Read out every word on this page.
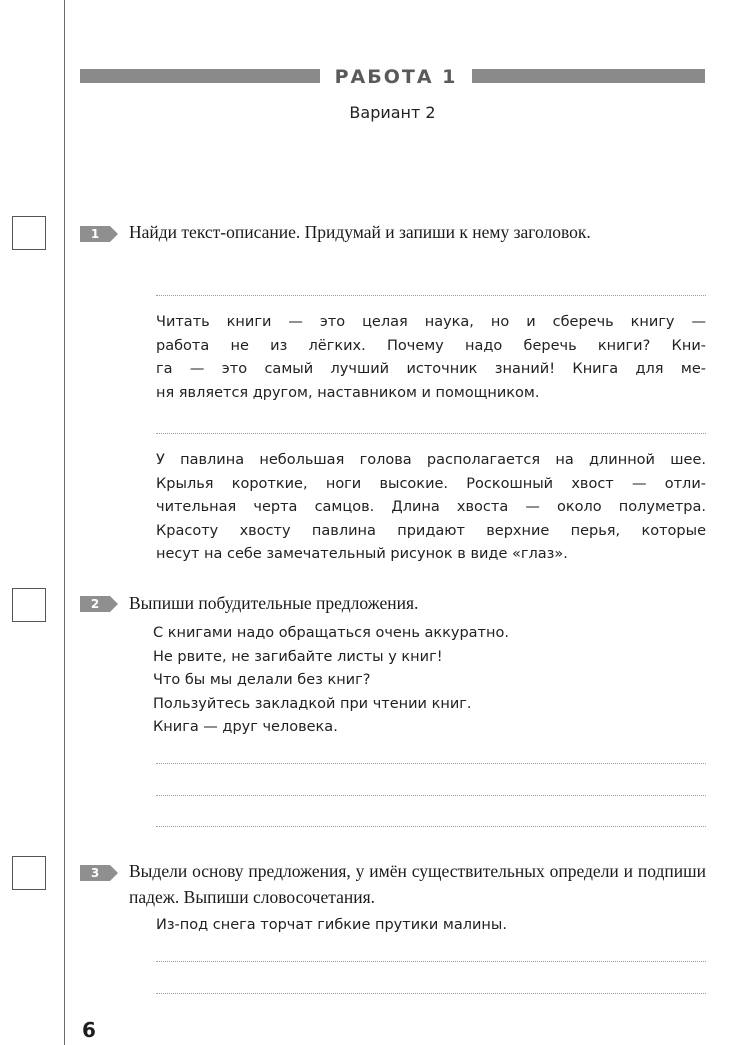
РАБОТА 1
Вариант 2
1	Найди текст-описание. Придумай и запиши к нему заголовок.
Читать книги — это целая наука, но и сберечь книгу —
работа не из лёгких. Почему надо беречь книги? Кни-
га — это самый лучший источник знаний! Книга для ме-
ня является другом, наставником и помощником.
У павлина небольшая голова располагается на длинной шее.
Крылья короткие, ноги высокие. Роскошный хвост — отли-
чительная черта самцов. Длина хвоста — около полуметра.
Красоту хвосту павлина придают верхние перья, которые
несут на себе замечательный рисунок в виде «глаз».
2	Выпиши побудительные предложения.
С книгами надо обращаться очень аккуратно.
Не рвите, не загибайте листы у книг!
Что бы мы делали без книг?
Пользуйтесь закладкой при чтении книг.
Книга — друг человека.
3	Выдели основу предложения, у имён существительных определи и подпиши падеж. Выпиши словосочетания.
Из-под снега торчат гибкие прутики малины.
6
